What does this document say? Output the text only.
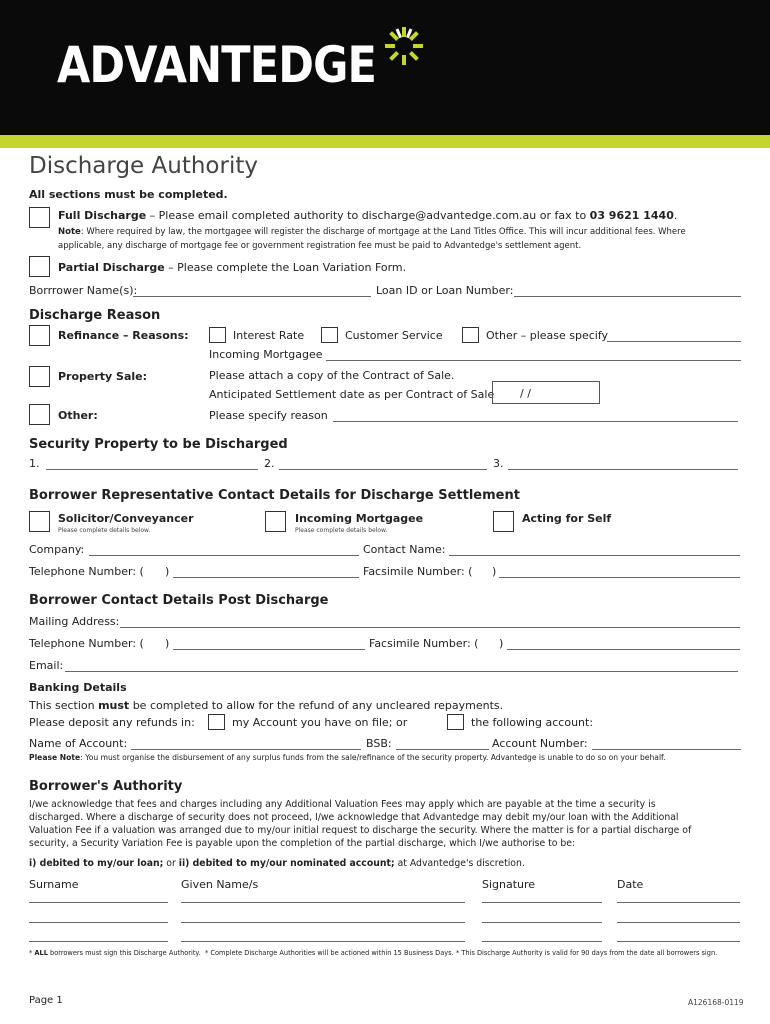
ADVANTEDGE
Discharge Authority
All sections must be completed.
Full Discharge – Please email completed authority to discharge@advantedge.com.au or fax to 03 9621 1440.
Note: Where required by law, the mortgagee will register the discharge of mortgage at the Land Titles Office. This will incur additional fees. Where
applicable, any discharge of mortgage fee or government registration fee must be paid to Advantedge's settlement agent.
Partial Discharge – Please complete the Loan Variation Form.
Borrrower Name(s):	Loan ID or Loan Number:
Discharge Reason
Refinance – Reasons:	Interest Rate	Customer Service	Other – please specify
Incoming Mortgagee
Property Sale:	Please attach a copy of the Contract of Sale.
Anticipated Settlement date as per Contract of Sale / /
Other:	Please specify reason
Security Property to be Discharged
1.	2.	3.
Borrower Representative Contact Details for Discharge Settlement
Solicitor/Conveyancer
Please complete details below.
Incoming Mortgagee
Please complete details below.
Acting for Self
Company:	Contact Name:
Telephone Number: ( )	Facsimile Number: ( )
Borrower Contact Details Post Discharge
Mailing Address:
Telephone Number: ( )	Facsimile Number: ( )
Email:
Banking Details
This section must be completed to allow for the refund of any uncleared repayments.
Please deposit any refunds in:	my Account you have on file; or	the following account:
Name of Account:	BSB:	Account Number:
Please Note: You must organise the disbursement of any surplus funds from the sale/refinance of the security property. Advantedge is unable to do so on your behalf.
Borrower's Authority
I/we acknowledge that fees and charges including any Additional Valuation Fees may apply which are payable at the time a security is
discharged. Where a discharge of security does not proceed, I/we acknowledge that Advantedge may debit my/our loan with the Additional
Valuation Fee if a valuation was arranged due to my/our initial request to discharge the security. Where the matter is for a partial discharge of
security, a Security Variation Fee is payable upon the completion of the partial discharge, which I/we authorise to be:
i) debited to my/our loan; or ii) debited to my/our nominated account; at Advantedge's discretion.
Surname	Given Name/s	Signature	Date
* ALL borrowers must sign this Discharge Authority. * Complete Discharge Authorities will be actioned within 15 Business Days. * This Discharge Authority is valid for 90 days from the date all borrowers sign.
Page 1	A126168-0119
